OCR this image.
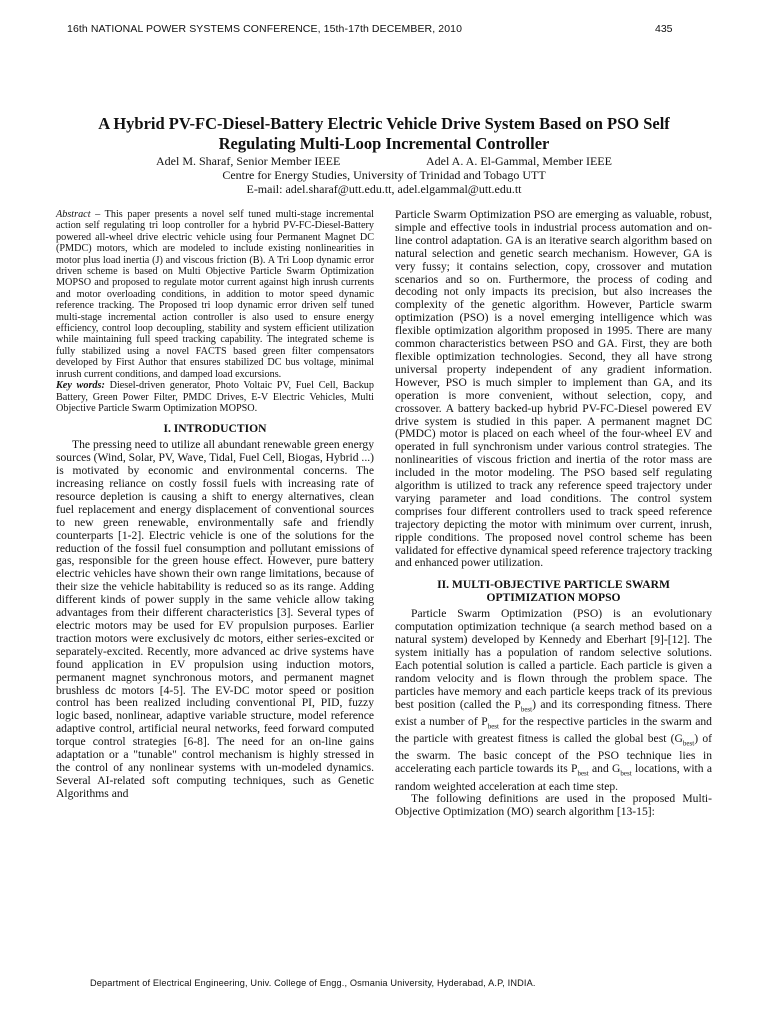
16th NATIONAL POWER SYSTEMS CONFERENCE, 15th-17th DECEMBER, 2010	435
A Hybrid PV-FC-Diesel-Battery Electric Vehicle Drive System Based on PSO Self
Regulating Multi-Loop Incremental Controller
Adel M. Sharaf, Senior Member IEEE	Adel A. A. El-Gammal, Member IEEE
Centre for Energy Studies, University of Trinidad and Tobago UTT
E-mail: adel.sharaf@utt.edu.tt, adel.elgammal@utt.edu.tt

Abstract – This paper presents a novel self tuned multi-stage incremental action self regulating tri loop controller for a hybrid PV-FC-Diesel-Battery powered all-wheel drive electric vehicle using four Permanent Magnet DC (PMDC) motors, which are modeled to include existing nonlinearities in motor plus load inertia (J) and viscous friction (B). A Tri Loop dynamic error driven scheme is based on Multi Objective Particle Swarm Optimization MOPSO and proposed to regulate motor current against high inrush currents and motor overloading conditions, in addition to motor speed dynamic reference tracking. The Proposed tri loop dynamic error driven self tuned multi-stage incremental action controller is also used to ensure energy efficiency, control loop decoupling, stability and system efficient utilization while maintaining full speed tracking capability. The integrated scheme is fully stabilized using a novel FACTS based green filter compensators developed by First Author that ensures stabilized DC bus voltage, minimal inrush current conditions, and damped load excursions.

Key words: Diesel-driven generator, Photo Voltaic PV, Fuel Cell, Backup Battery, Green Power Filter, PMDC Drives, E-V Electric Vehicles, Multi Objective Particle Swarm Optimization MOPSO.

I. INTRODUCTION

The pressing need to utilize all abundant renewable green energy sources (Wind, Solar, PV, Wave, Tidal, Fuel Cell, Biogas, Hybrid ...) is motivated by economic and environmental concerns. The increasing reliance on costly fossil fuels with increasing rate of resource depletion is causing a shift to energy alternatives, clean fuel replacement and energy displacement of conventional sources to new green renewable, environmentally safe and friendly counterparts [1-2]. Electric vehicle is one of the solutions for the reduction of the fossil fuel consumption and pollutant emissions of gas, responsible for the green house effect. However, pure battery electric vehicles have shown their own range limitations, because of their size the vehicle habitability is reduced so as its range. Adding different kinds of power supply in the same vehicle allow taking advantages from their different characteristics [3]. Several types of electric motors may be used for EV propulsion purposes. Earlier traction motors were exclusively dc motors, either series-excited or separately-excited. Recently, more advanced ac drive systems have found application in EV propulsion using induction motors, permanent magnet synchronous motors, and permanent magnet brushless dc motors [4-5]. The EV-DC motor speed or position control has been realized including conventional PI, PID, fuzzy logic based, nonlinear, adaptive variable structure, model reference adaptive control, artificial neural networks, feed forward computed torque control strategies [6-8]. The need for an on-line gains adaptation or a "tunable" control mechanism is highly stressed in the control of any nonlinear systems with un-modeled dynamics. Several AI-related soft computing techniques, such as Genetic Algorithms and

Particle Swarm Optimization PSO are emerging as valuable, robust, simple and effective tools in industrial process automation and on-line control adaptation. GA is an iterative search algorithm based on natural selection and genetic search mechanism. However, GA is very fussy; it contains selection, copy, crossover and mutation scenarios and so on. Furthermore, the process of coding and decoding not only impacts its precision, but also increases the complexity of the genetic algorithm. However, Particle swarm optimization (PSO) is a novel emerging intelligence which was flexible optimization algorithm proposed in 1995. There are many common characteristics between PSO and GA. First, they are both flexible optimization technologies. Second, they all have strong universal property independent of any gradient information. However, PSO is much simpler to implement than GA, and its operation is more convenient, without selection, copy, and crossover. A battery backed-up hybrid PV-FC-Diesel powered EV drive system is studied in this paper. A permanent magnet DC (PMDC) motor is placed on each wheel of the four-wheel EV and operated in full synchronism under various control strategies. The nonlinearities of viscous friction and inertia of the rotor mass are included in the motor modeling. The PSO based self regulating algorithm is utilized to track any reference speed trajectory under varying parameter and load conditions. The control system comprises four different controllers used to track speed reference trajectory depicting the motor with minimum over current, inrush, ripple conditions. The proposed novel control scheme has been validated for effective dynamical speed reference trajectory tracking and enhanced power utilization.

II. MULTI-OBJECTIVE PARTICLE SWARM
OPTIMIZATION MOPSO

Particle Swarm Optimization (PSO) is an evolutionary computation optimization technique (a search method based on a natural system) developed by Kennedy and Eberhart [9]-[12]. The system initially has a population of random selective solutions. Each potential solution is called a particle. Each particle is given a random velocity and is flown through the problem space. The particles have memory and each particle keeps track of its previous best position (called the $P_{best}$) and its corresponding fitness. There exist a number of $P_{best}$ for the respective particles in the swarm and the particle with greatest fitness is called the global best $(G_{best})$ of the swarm. The basic concept of the PSO technique lies in accelerating each particle towards its $P_{best}$ and $G_{best}$ locations, with a random weighted acceleration at each time step.

The following definitions are used in the proposed Multi-Objective Optimization (MO) search algorithm [13-15]:

Department of Electrical Engineering, Univ. College of Engg., Osmania University, Hyderabad, A.P, INDIA.
